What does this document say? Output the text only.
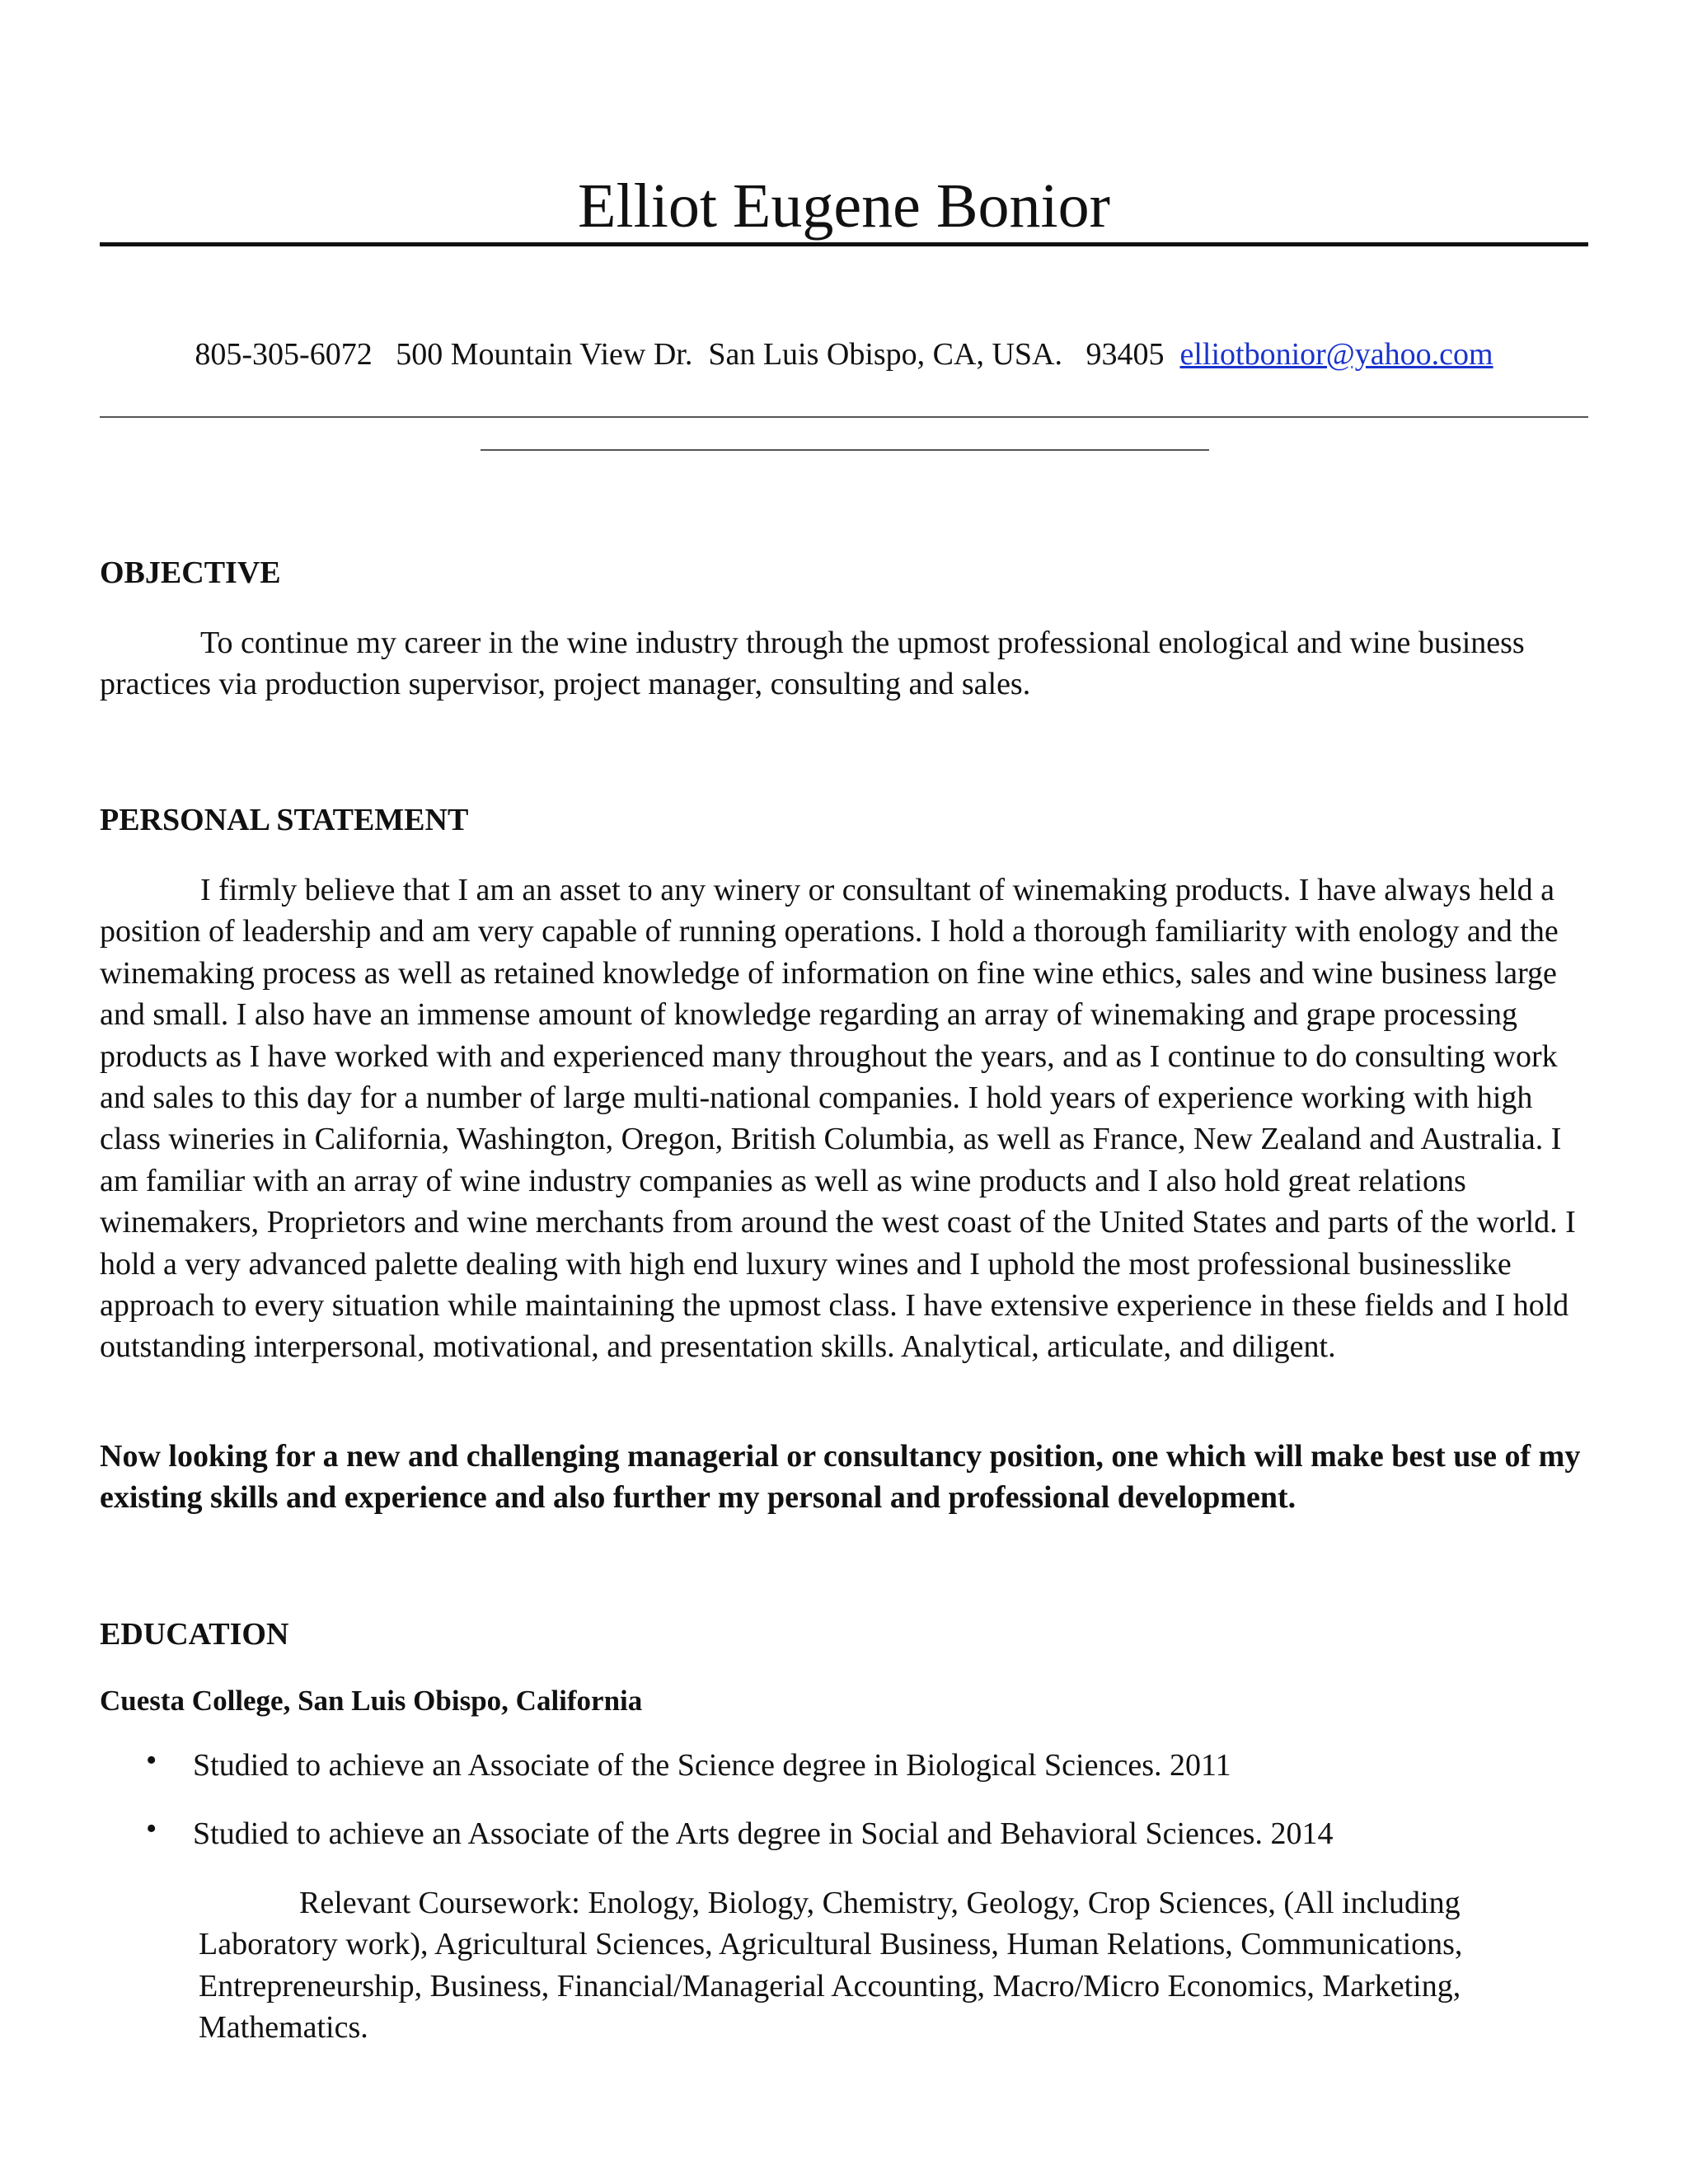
Elliot Eugene Bonior
805-305-6072   500 Mountain View Dr.  San Luis Obispo, CA, USA.   93405  elliotbonior@yahoo.com
OBJECTIVE

To continue my career in the wine industry through the upmost professional enological and wine business practices via production supervisor, project manager, consulting and sales.

PERSONAL STATEMENT

I firmly believe that I am an asset to any winery or consultant of winemaking products. I have always held a position of leadership and am very capable of running operations. I hold a thorough familiarity with enology and the winemaking process as well as retained knowledge of information on fine wine ethics, sales and wine business large and small. I also have an immense amount of knowledge regarding an array of winemaking and grape processing products as I have worked with and experienced many throughout the years, and as I continue to do consulting work and sales to this day for a number of large multi-national companies. I hold years of experience working with high class wineries in California, Washington, Oregon, British Columbia, as well as France, New Zealand and Australia. I am familiar with an array of wine industry companies as well as wine products and I also hold great relations winemakers, Proprietors and wine merchants from around the west coast of the United States and parts of the world. I hold a very advanced palette dealing with high end luxury wines and I uphold the most professional businesslike approach to every situation while maintaining the upmost class. I have extensive experience in these fields and I hold outstanding interpersonal, motivational, and presentation skills. Analytical, articulate, and diligent.

Now looking for a new and challenging managerial or consultancy position, one which will make best use of my existing skills and experience and also further my personal and professional development.

EDUCATION
Cuesta College, San Luis Obispo, California
• Studied to achieve an Associate of the Science degree in Biological Sciences. 2011
• Studied to achieve an Associate of the Arts degree in Social and Behavioral Sciences. 2014

Relevant Coursework: Enology, Biology, Chemistry, Geology, Crop Sciences, (All including Laboratory work), Agricultural Sciences, Agricultural Business, Human Relations, Communications, Entrepreneurship, Business, Financial/Managerial Accounting, Macro/Micro Economics, Marketing, Mathematics.
